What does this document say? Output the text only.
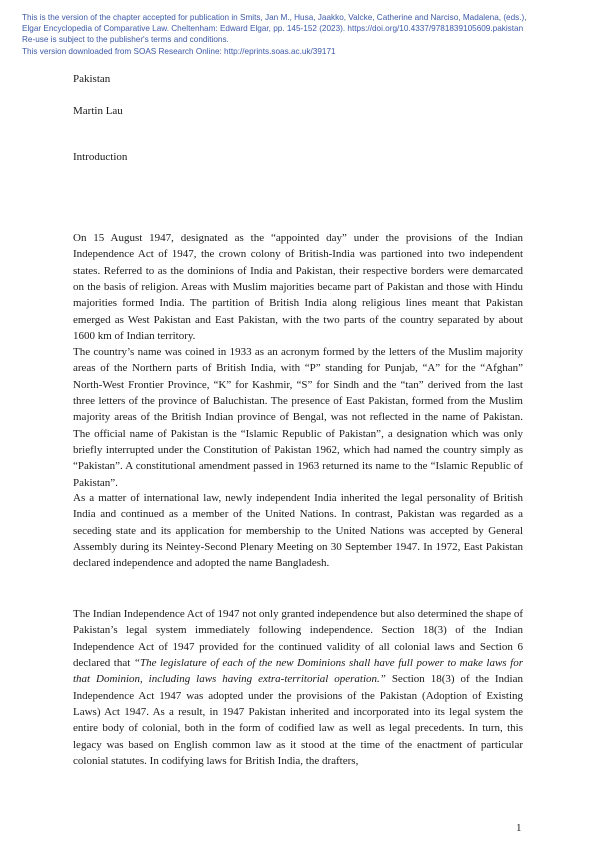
This is the version of the chapter accepted for publication in Smits, Jan M., Husa, Jaakko, Valcke, Catherine and Narciso, Madalena, (eds.),
Elgar Encyclopedia of Comparative Law. Cheltenham: Edward Elgar, pp. 145-152 (2023). https://doi.org/10.4337/9781839105609.pakistan
Re-use is subject to the publisher's terms and conditions.
This version downloaded from SOAS Research Online: http://eprints.soas.ac.uk/39171
Pakistan
Martin Lau
Introduction

On 15 August 1947, designated as the “appointed day” under the provisions of the Indian Independence Act of 1947, the crown colony of British-India was partioned into two independent states. Referred to as the dominions of India and Pakistan, their respective borders were demarcated on the basis of religion. Areas with Muslim majorities became part of Pakistan and those with Hindu majorities formed India. The partition of British India along religious lines meant that Pakistan emerged as West Pakistan and East Pakistan, with the two parts of the country separated by about 1600 km of Indian territory.

The country’s name was coined in 1933 as an acronym formed by the letters of the Muslim majority areas of the Northern parts of British India, with “P” standing for Punjab, “A” for the “Afghan” North-West Frontier Province, “K” for Kashmir, “S” for Sindh and the “tan” derived from the last three letters of the province of Baluchistan. The presence of East Pakistan, formed from the Muslim majority areas of the British Indian province of Bengal, was not reflected in the name of Pakistan. The official name of Pakistan is the “Islamic Republic of Pakistan”, a designation which was only briefly interrupted under the Constitution of Pakistan 1962, which had named the country simply as “Pakistan”. A constitutional amendment passed in 1963 returned its name to the “Islamic Republic of Pakistan”.

As a matter of international law, newly independent India inherited the legal personality of British India and continued as a member of the United Nations. In contrast, Pakistan was regarded as a seceding state and its application for membership to the United Nations was accepted by General Assembly during its Neintey-Second Plenary Meeting on 30 September 1947. In 1972, East Pakistan declared independence and adopted the name Bangladesh.

The Indian Independence Act of 1947 not only granted independence but also determined the shape of Pakistan’s legal system immediately following independence. Section 18(3) of the Indian Independence Act of 1947 provided for the continued validity of all colonial laws and Section 6 declared that “The legislature of each of the new Dominions shall have full power to make laws for that Dominion, including laws having extra-territorial operation.” Section 18(3) of the Indian Independence Act 1947 was adopted under the provisions of the Pakistan (Adoption of Existing Laws) Act 1947. As a result, in 1947 Pakistan inherited and incorporated into its legal system the entire body of colonial, both in the form of codified law as well as legal precedents. In turn, this legacy was based on English common law as it stood at the time of the enactment of particular colonial statutes. In codifying laws for British India, the drafters,

1
